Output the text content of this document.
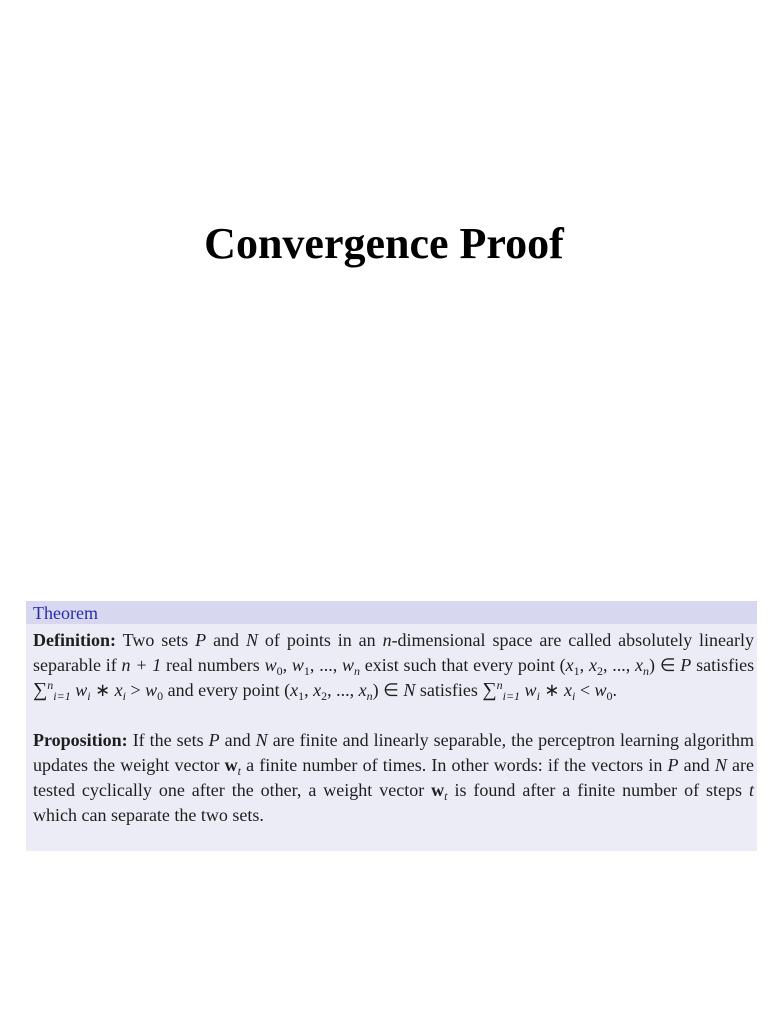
Convergence Proof
Theorem

Definition: Two sets P and N of points in an n-dimensional space are called absolutely linearly separable if n + 1 real numbers $w_0$, $w_1$, ..., $w_n$ exist such that every point ($x_1$, $x_2$, ..., $x_n$) ∈ P satisfies ∑$^n_{i=1}$ $w_i$ ∗ $x_i > w_0$ and every point ($x_1$, $x_2$, ..., $x_n$) ∈ N satisfies ∑$^n_{i=1}$ $w_i$ ∗ $x_i < w_0$.

Proposition: If the sets P and N are finite and linearly separable, the perceptron learning algorithm updates the weight vector $w_t$ a finite number of times. In other words: if the vectors in P and N are tested cyclically one after the other, a weight vector $w_t$ is found after a finite number of steps t which can separate the two sets.
